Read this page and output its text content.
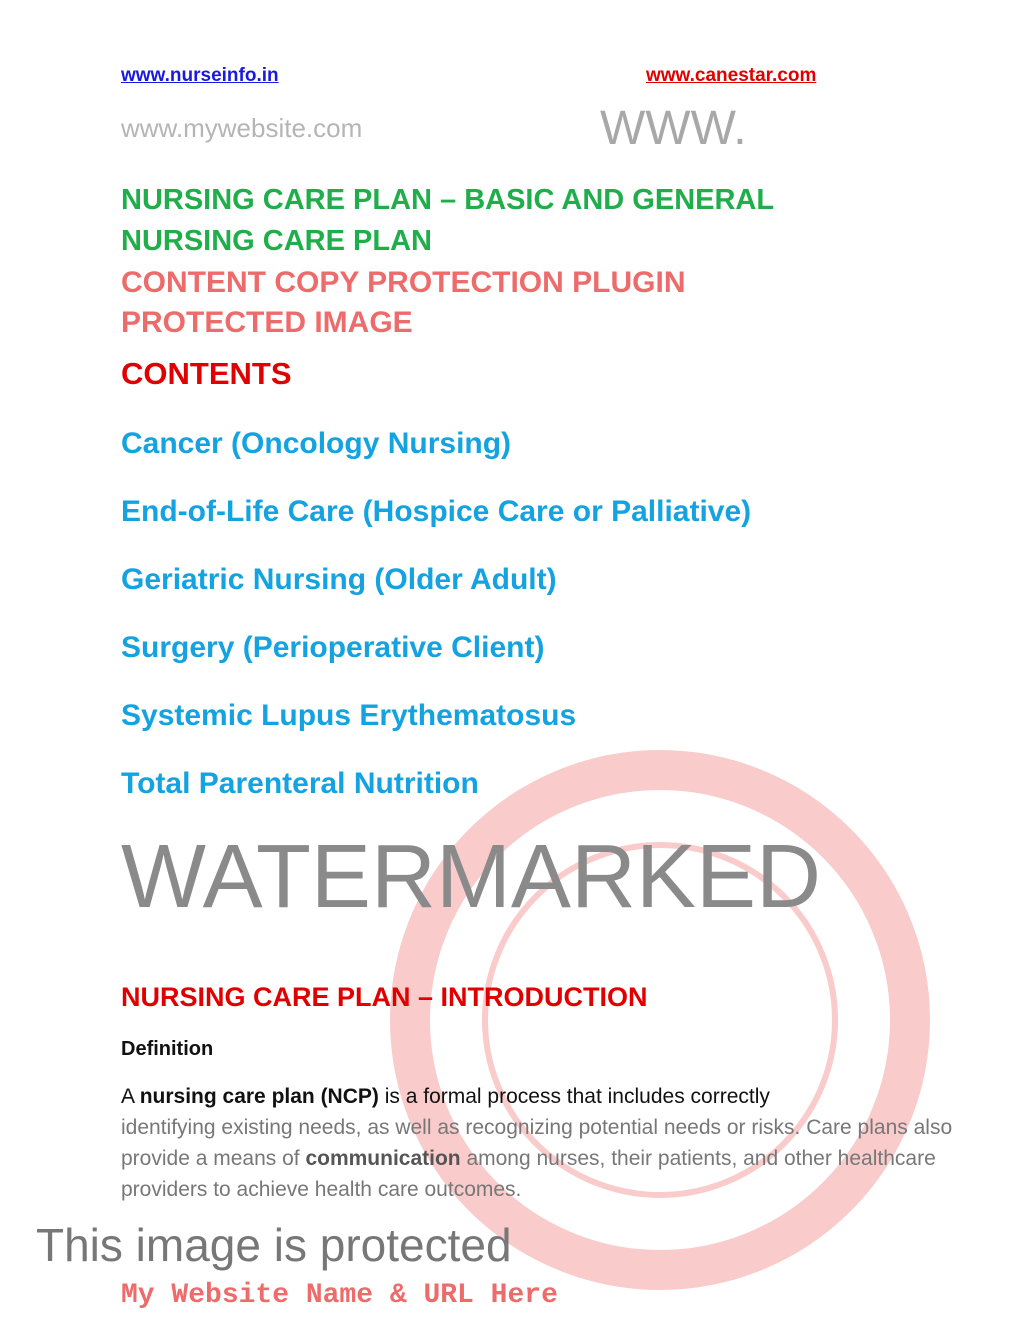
www.nurseinfo.in	www.canestar.com
NURSING CARE PLAN – BASIC AND GENERAL NURSING CARE PLAN
CONTENTS
Cancer (Oncology Nursing)
End-of-Life Care (Hospice Care or Palliative)
Geriatric Nursing (Older Adult)
Surgery (Perioperative Client)
Systemic Lupus Erythematosus
Total Parenteral Nutrition
NURSING CARE PLAN – INTRODUCTION
Definition
A nursing care plan (NCP) is a formal process that includes correctly
identifying existing needs, as well as recognizing potential needs or risks. Care plans also provide a means of communication among nurses, their patients, and other healthcare providers to achieve health care outcomes.
www.mywebsite.com	WWW.
CONTENT COPY PROTECTION PLUGIN
PROTECTED IMAGE
WATERMARKED
This image is protected
My Website Name & URL Here
